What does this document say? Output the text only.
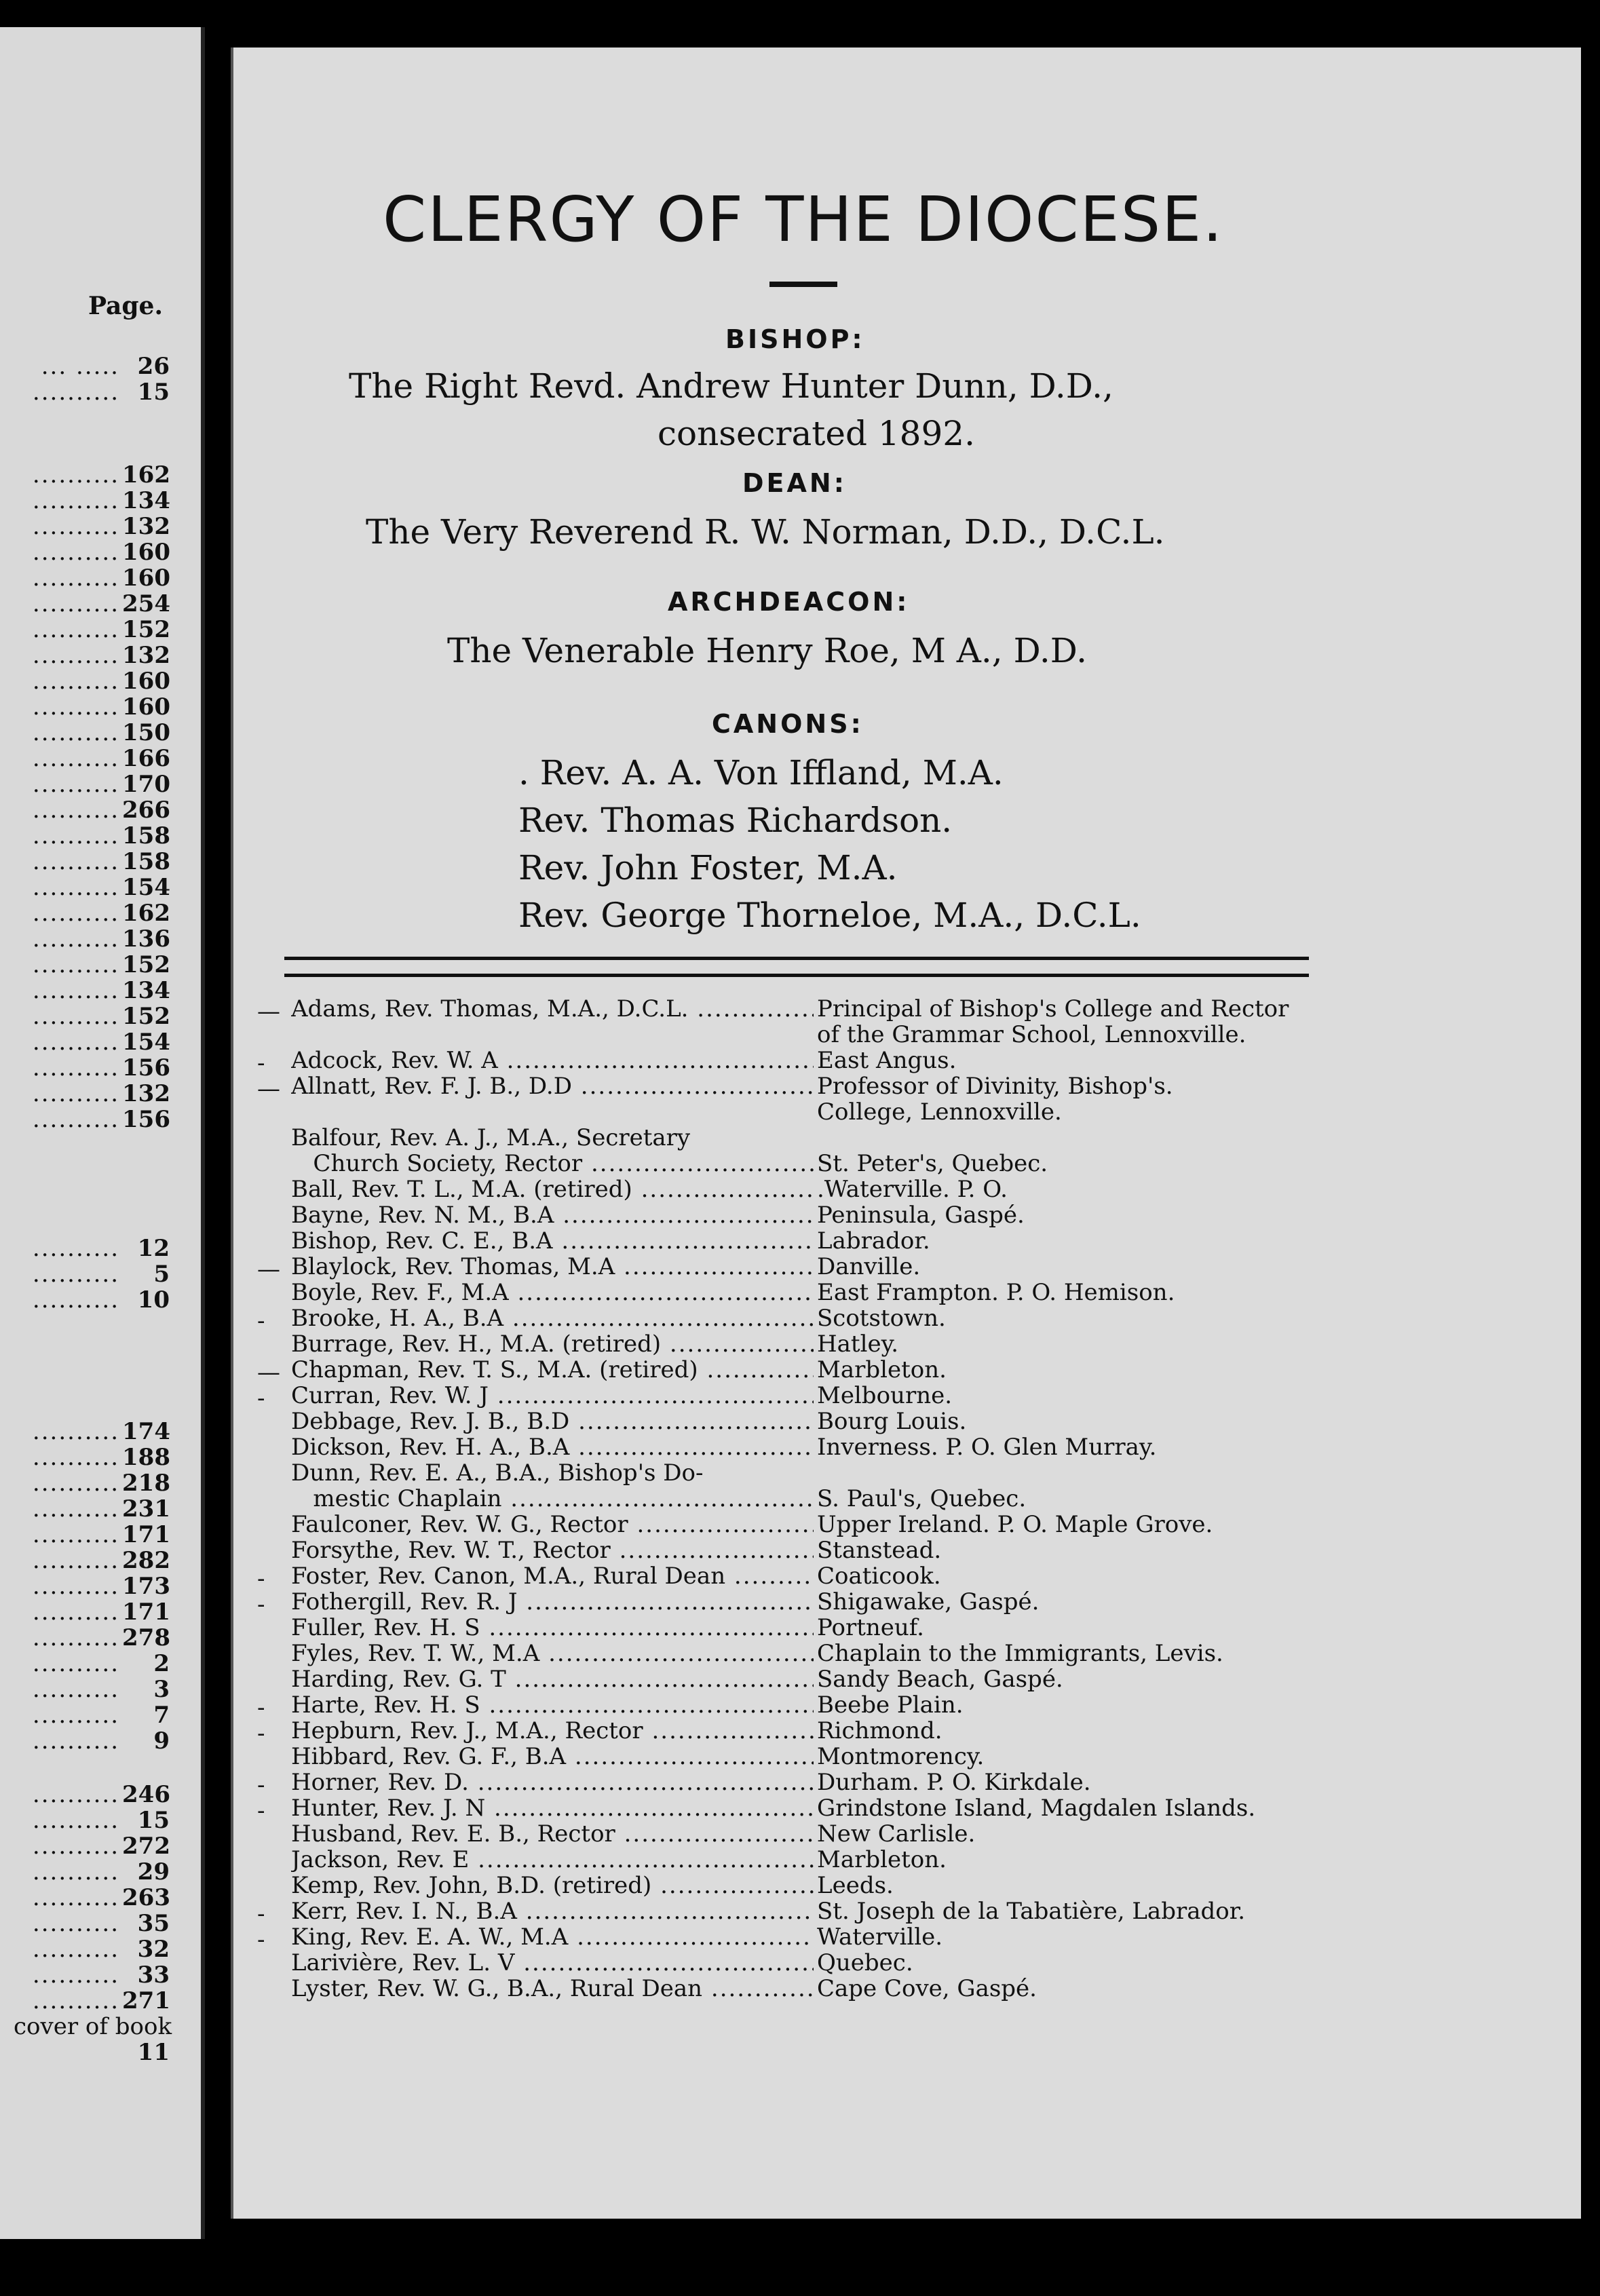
Page.
... ..... 26
.......... 15
.......... 162
.......... 134
.......... 132
.......... 160
.......... 160
.......... 254
.......... 152
.......... 132
.......... 160
.......... 160
.......... 150
.......... 166
.......... 170
.......... 266
.......... 158
.......... 158
.......... 154
.......... 162
.......... 136
.......... 152
.......... 134
.......... 152
.......... 154
.......... 156
.......... 132
.......... 156
.......... 12
..........	5
.......... 10
.......... 174
.......... 188
.......... 218
.......... 231
.......... 171
.......... 282
.......... 173
.......... 171
.......... 278
..........	2
..........	3
..........	7
..........	9
.......... 246
.......... 15
.......... 272
.......... 29
.......... 263
.......... 35
.......... 32
.......... 33
.......... 271
cover of book
11
CLERGY OF THE DIOCESE.
BISHOP:
The Right Revd. Andrew Hunter Dunn, D.D.,
consecrated 1892.
DEAN:
The Very Reverend R. W. Norman, D.D., D.C.L.
ARCHDEACON:
The Venerable Henry Roe, M A., D.D.
CANONS:
. Rev. A. A. Von Iffland, M.A.
Rev. Thomas Richardson.
Rev. John Foster, M.A.
Rev. George Thorneloe, M.A., D.C.L.
— Adams, Rev. Thomas, M.A., D.C.L. .....	Principal of Bishop's College and Rector
of the Grammar School, Lennoxville.
- Adcock, Rev. W. A .....	East Angus.
— Allnatt, Rev. F. J. B., D.D .....	Professor of Divinity, Bishop's.
College, Lennoxville.
Balfour, Rev. A. J., M.A., Secretary
Church Society, Rector .....	
St. Peter's, Quebec.
Ball, Rev. T. L., M.A. (retired) .....	.Waterville. P. O.
Bayne, Rev. N. M., B.A .....	Peninsula, Gaspé.
Bishop, Rev. C. E., B.A .....	Labrador.
— Blaylock, Rev. Thomas, M.A .....	Danville.
Boyle, Rev. F., M.A .....	East Frampton. P. O. Hemison.
- Brooke, H. A., B.A .....	Scotstown.
Burrage, Rev. H., M.A. (retired) .....	Hatley.
— Chapman, Rev. T. S., M.A. (retired) .....	Marbleton.
- Curran, Rev. W. J .....	Melbourne.
Debbage, Rev. J. B., B.D .....	Bourg Louis.
Dickson, Rev. H. A., B.A .....	Inverness. P. O. Glen Murray.
Dunn, Rev. E. A., B.A., Bishop's Do-
mestic Chaplain .....	
S. Paul's, Quebec.
Faulconer, Rev. W. G., Rector .....	Upper Ireland. P. O. Maple Grove.
Forsythe, Rev. W. T., Rector .....	Stanstead.
- Foster, Rev. Canon, M.A., Rural Dean .....	Coaticook.
- Fothergill, Rev. R. J .....	Shigawake, Gaspé.
Fuller, Rev. H. S .....	Portneuf.
Fyles, Rev. T. W., M.A .....	Chaplain to the Immigrants, Levis.
Harding, Rev. G. T .....	Sandy Beach, Gaspé.
- Harte, Rev. H. S .....	Beebe Plain.
- Hepburn, Rev. J., M.A., Rector .....	Richmond.
Hibbard, Rev. G. F., B.A .....	Montmorency.
- Horner, Rev. D. .....	Durham. P. O. Kirkdale.
- Hunter, Rev. J. N .....	Grindstone Island, Magdalen Islands.
Husband, Rev. E. B., Rector .....	New Carlisle.
Jackson, Rev. E .....	Marbleton.
Kemp, Rev. John, B.D. (retired) .....	Leeds.
- Kerr, Rev. I. N., B.A .....	St. Joseph de la Tabatière, Labrador.
- King, Rev. E. A. W., M.A .....	Waterville.
Larivière, Rev. L. V .....	Quebec.
Lyster, Rev. W. G., B.A., Rural Dean .....	Cape Cove, Gaspé.
